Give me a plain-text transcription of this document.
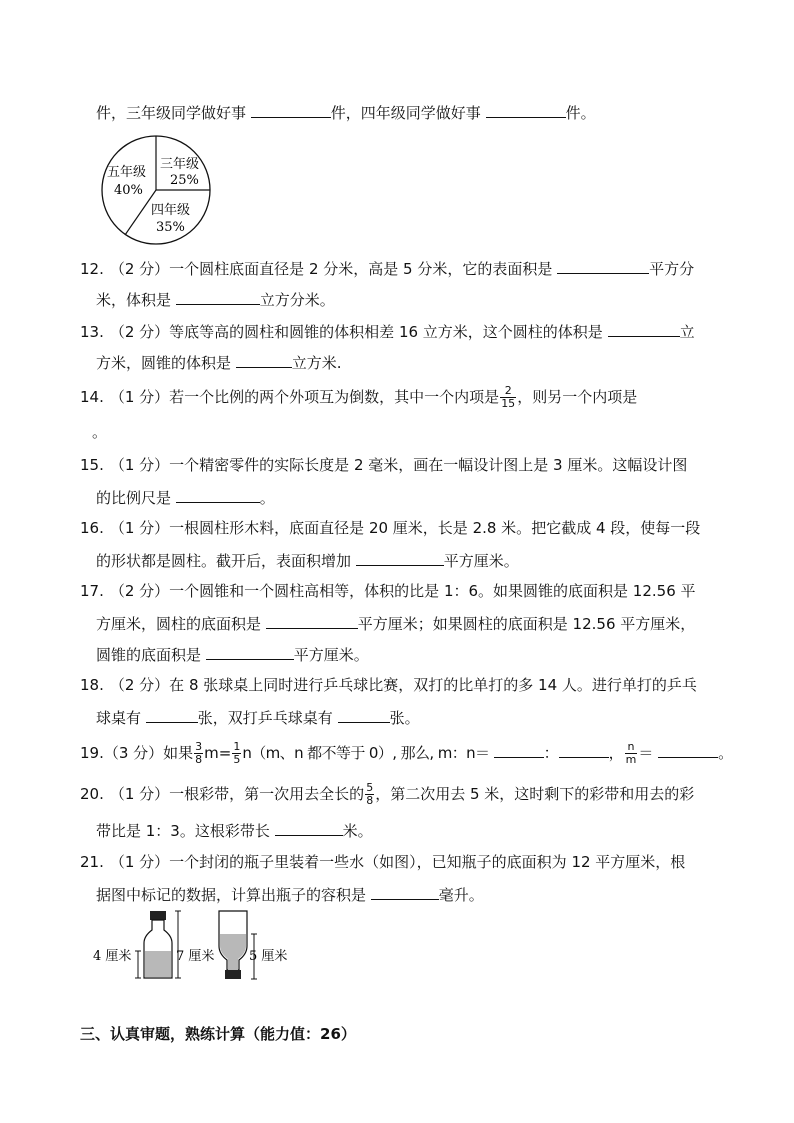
件，三年级同学做好事	件，四年级同学做好事	件。
五年级
40%
三年级
25%
四年级
35%
12. （2 分）一个圆柱底面直径是 2 分米，高是 5 分米，它的表面积是	平方分
米，体积是	立方分米。
13. （2 分）等底等高的圆柱和圆锥的体积相差 16 立方米，这个圆柱的体积是	立
方米，圆锥的体积是	立方米.
14. （1 分）若一个比例的两个外项互为倒数，其中一个内项是 $\frac{2}{15}$ ，则另一个内项是
。
15. （1 分）一个精密零件的实际长度是 2 毫米，画在一幅设计图上是 3 厘米。这幅设计图
的比例尺是	。
16. （1 分）一根圆柱形木料，底面直径是 20 厘米，长是 2.8 米。把它截成 4 段，使每一段
的形状都是圆柱。截开后，表面积增加	平方厘米。
17. （2 分）一个圆锥和一个圆柱高相等，体积的比是 1：6。如果圆锥的底面积是 12.56 平
方厘米，圆柱的底面积是	平方厘米；如果圆柱的底面积是 12.56 平方厘米，
圆锥的底面积是	平方厘米。
18. （2 分）在 8 张球桌上同时进行乒乓球比赛，双打的比单打的多 14 人。进行单打的乒乓
球桌有	张，双打乒乓球桌有	张。
19.（3 分）如果 $\frac{3}{8} m= \frac{1}{5} n(m$、n 都不等于 0）, 那么, m：n＝	：	， $\frac{n}{m}$ ＝	。
20. （1 分）一根彩带，第一次用去全长的 $\frac{5}{8}$ ，第二次用去 5 米，这时剩下的彩带和用去的彩
带比是 1：3。这根彩带长	米。
21. （1 分）一个封闭的瓶子里装着一些水（如图），已知瓶子的底面积为 12 平方厘米，根
据图中标记的数据，计算出瓶子的容积是	毫升。
4 厘米	7 厘米	5 厘米
三、认真审题，熟练计算（能力值：26）
